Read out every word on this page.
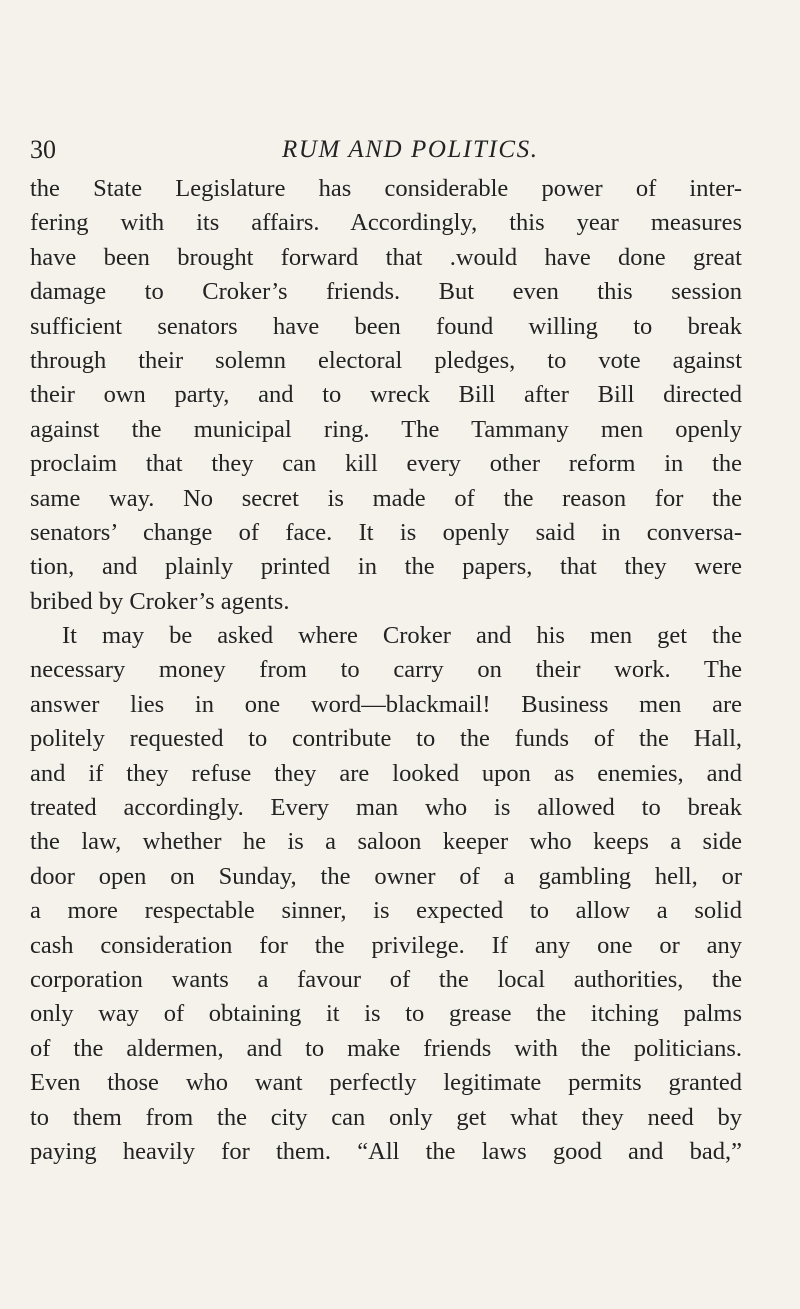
30	RUM AND POLITICS.
the State Legislature has considerable power of inter-
fering with its affairs. Accordingly, this year measures
have been brought forward that .would have done great
damage to Croker’s friends. But even this session
sufficient senators have been found willing to break
through their solemn electoral pledges, to vote against
their own party, and to wreck Bill after Bill directed
against the municipal ring. The Tammany men openly
proclaim that they can kill every other reform in the
same way. No secret is made of the reason for the
senators’ change of face. It is openly said in conversa-
tion, and plainly printed in the papers, that they were
bribed by Croker’s agents.
It may be asked where Croker and his men get the
necessary money from to carry on their work. The
answer lies in one word—blackmail! Business men are
politely requested to contribute to the funds of the Hall,
and if they refuse they are looked upon as enemies, and
treated accordingly. Every man who is allowed to break
the law, whether he is a saloon keeper who keeps a side
door open on Sunday, the owner of a gambling hell, or
a more respectable sinner, is expected to allow a solid
cash consideration for the privilege. If any one or any
corporation wants a favour of the local authorities, the
only way of obtaining it is to grease the itching palms
of the aldermen, and to make friends with the politicians.
Even those who want perfectly legitimate permits granted
to them from the city can only get what they need by
paying heavily for them. “All the laws good and bad,”
